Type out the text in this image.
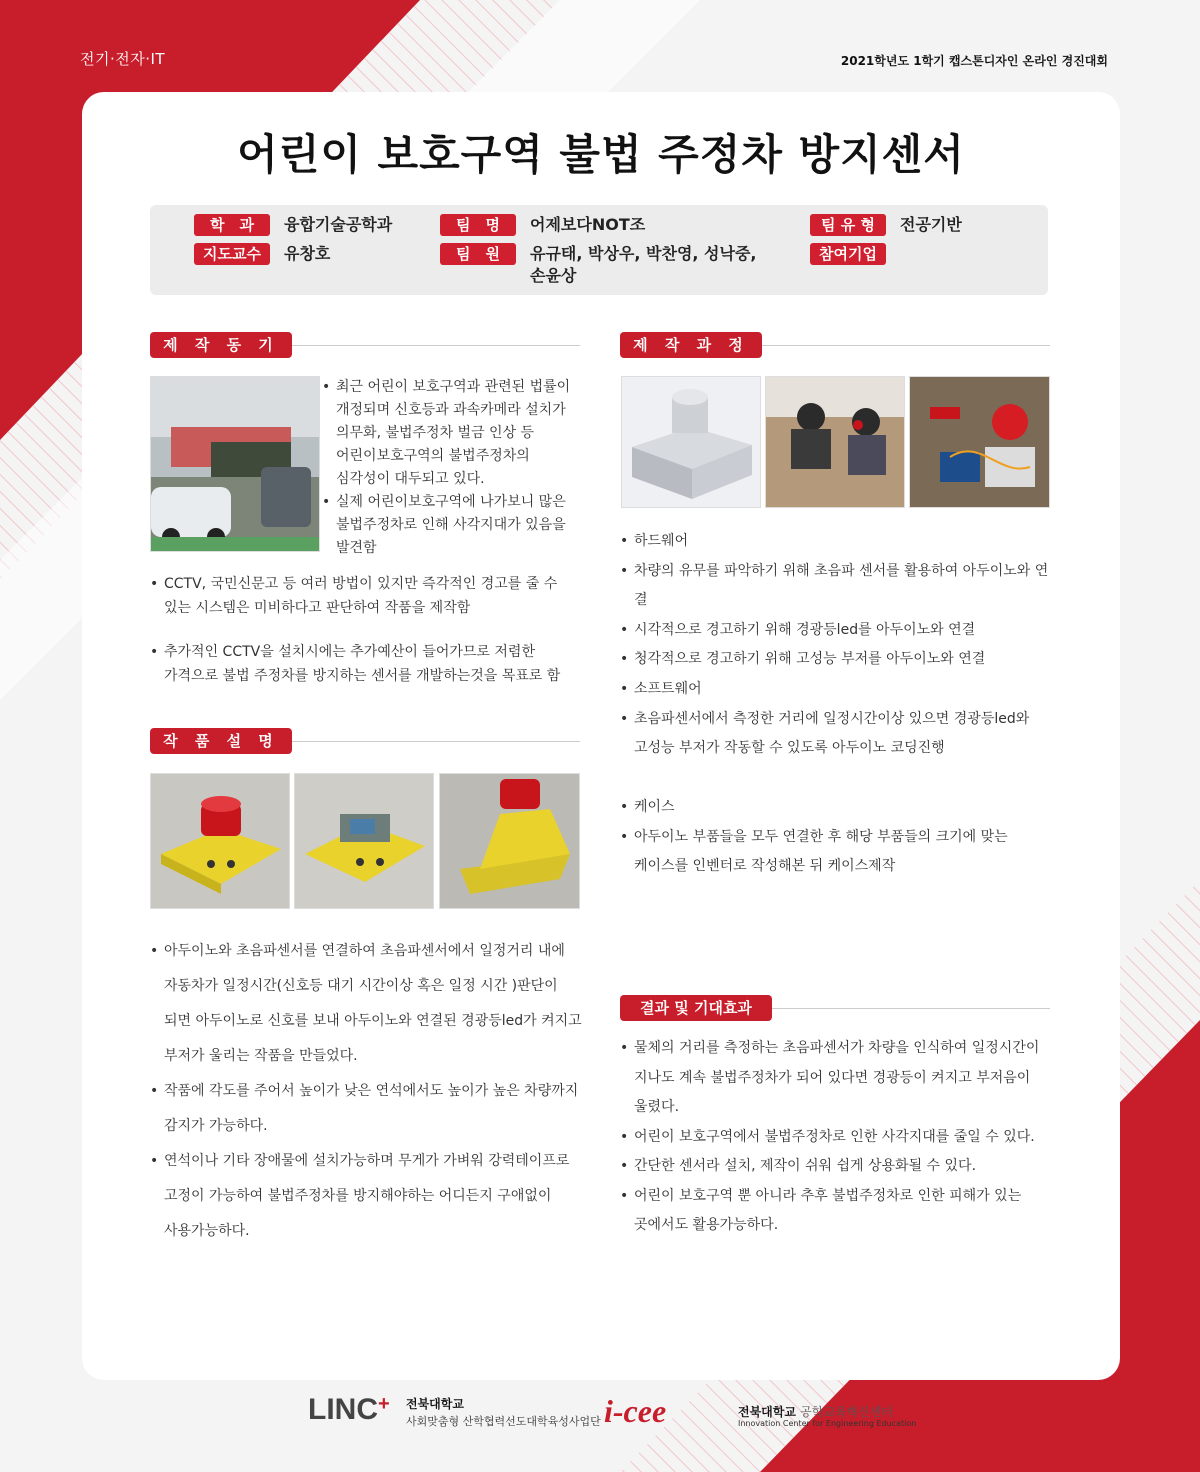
전기·전자·IT	2021학년도 1학기 캡스톤디자인 온라인 경진대회
어린이 보호구역 불법 주정차 방지센서
학　과	융합기술공학과
지도교수	유창호
팀　명	어제보다NOT조
팀　원	유규태, 박상우, 박찬영, 성낙중,
손윤상
팀 유 형	전공기반
참여기업
제 작 동 기
• 최근 어린이 보호구역과 관련된 법률이
개정되며 신호등과 과속카메라 설치가
의무화, 불법주정차 벌금 인상 등
어린이보호구역의 불법주정차의
심각성이 대두되고 있다.
• 실제 어린이보호구역에 나가보니 많은
불법주정차로 인해 사각지대가 있음을
발견함
• CCTV, 국민신문고 등 여러 방법이 있지만 즉각적인 경고를 줄 수
있는 시스템은 미비하다고 판단하여 작품을 제작함
• 추가적인 CCTV을 설치시에는 추가예산이 들어가므로 저렴한
가격으로 불법 주정차를 방지하는 센서를 개발하는것을 목표로 함
작 품 설 명
• 아두이노와 초음파센서를 연결하여 초음파센서에서 일정거리 내에
자동차가 일정시간(신호등 대기 시간이상 혹은 일정 시간 )판단이
되면 아두이노로 신호를 보내 아두이노와 연결된 경광등led가 켜지고
부저가 울리는 작품을 만들었다.
• 작품에 각도를 주어서 높이가 낮은 연석에서도 높이가 높은 차량까지
감지가 가능하다.
• 연석이나 기타 장애물에 설치가능하며 무게가 가벼워 강력테이프로
고정이 가능하여 불법주정차를 방지해야하는 어디든지 구애없이
사용가능하다.
제 작 과 정
• 하드웨어
• 차량의 유무를 파악하기 위해 초음파 센서를 활용하여 아두이노와 연결
• 시각적으로 경고하기 위해 경광등led를 아두이노와 연결
• 청각적으로 경고하기 위해 고성능 부저를 아두이노와 연결
• 소프트웨어
• 초음파센서에서 측정한 거리에 일정시간이상 있으면 경광등led와
고성능 부저가 작동할 수 있도록 아두이노 코딩진행
• 케이스
• 아두이노 부품들을 모두 연결한 후 해당 부품들의 크기에 맞는
케이스를 인벤터로 작성해본 뒤 케이스제작
결과 및 기대효과
• 물체의 거리를 측정하는 초음파센서가 차량을 인식하여 일정시간이
지나도 계속 불법주정차가 되어 있다면 경광등이 켜지고 부저음이
울렸다.
• 어린이 보호구역에서 불법주정차로 인한 사각지대를 줄일 수 있다.
• 간단한 센서라 설치, 제작이 쉬워 쉽게 상용화될 수 있다.
• 어린이 보호구역 뿐 아니라 추후 불법주정차로 인한 피해가 있는
곳에서도 활용가능하다.
LINC+ 전북대학교
사회맞춤형 산학협력선도대학육성사업단 i-cee	전북대학교 공학교육혁신센터
Innovation Center for Engineering Education
